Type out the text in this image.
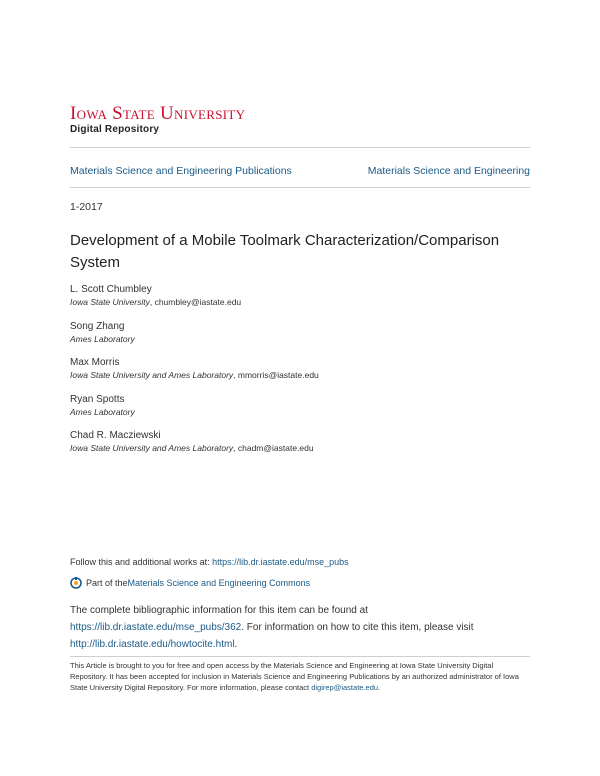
Iowa State University
Digital Repository
Materials Science and Engineering Publications	Materials Science and Engineering
1-2017
Development of a Mobile Toolmark Characterization/Comparison System
L. Scott Chumbley
Iowa State University, chumbley@iastate.edu
Song Zhang
Ames Laboratory
Max Morris
Iowa State University and Ames Laboratory, mmorris@iastate.edu
Ryan Spotts
Ames Laboratory
Chad R. Macziewski
Iowa State University and Ames Laboratory, chadm@iastate.edu
Follow this and additional works at: https://lib.dr.iastate.edu/mse_pubs
Part of the Materials Science and Engineering Commons
The complete bibliographic information for this item can be found at https://lib.dr.iastate.edu/mse_pubs/362. For information on how to cite this item, please visit http://lib.dr.iastate.edu/howtocite.html.
This Article is brought to you for free and open access by the Materials Science and Engineering at Iowa State University Digital Repository. It has been accepted for inclusion in Materials Science and Engineering Publications by an authorized administrator of Iowa State University Digital Repository. For more information, please contact digirep@iastate.edu.
